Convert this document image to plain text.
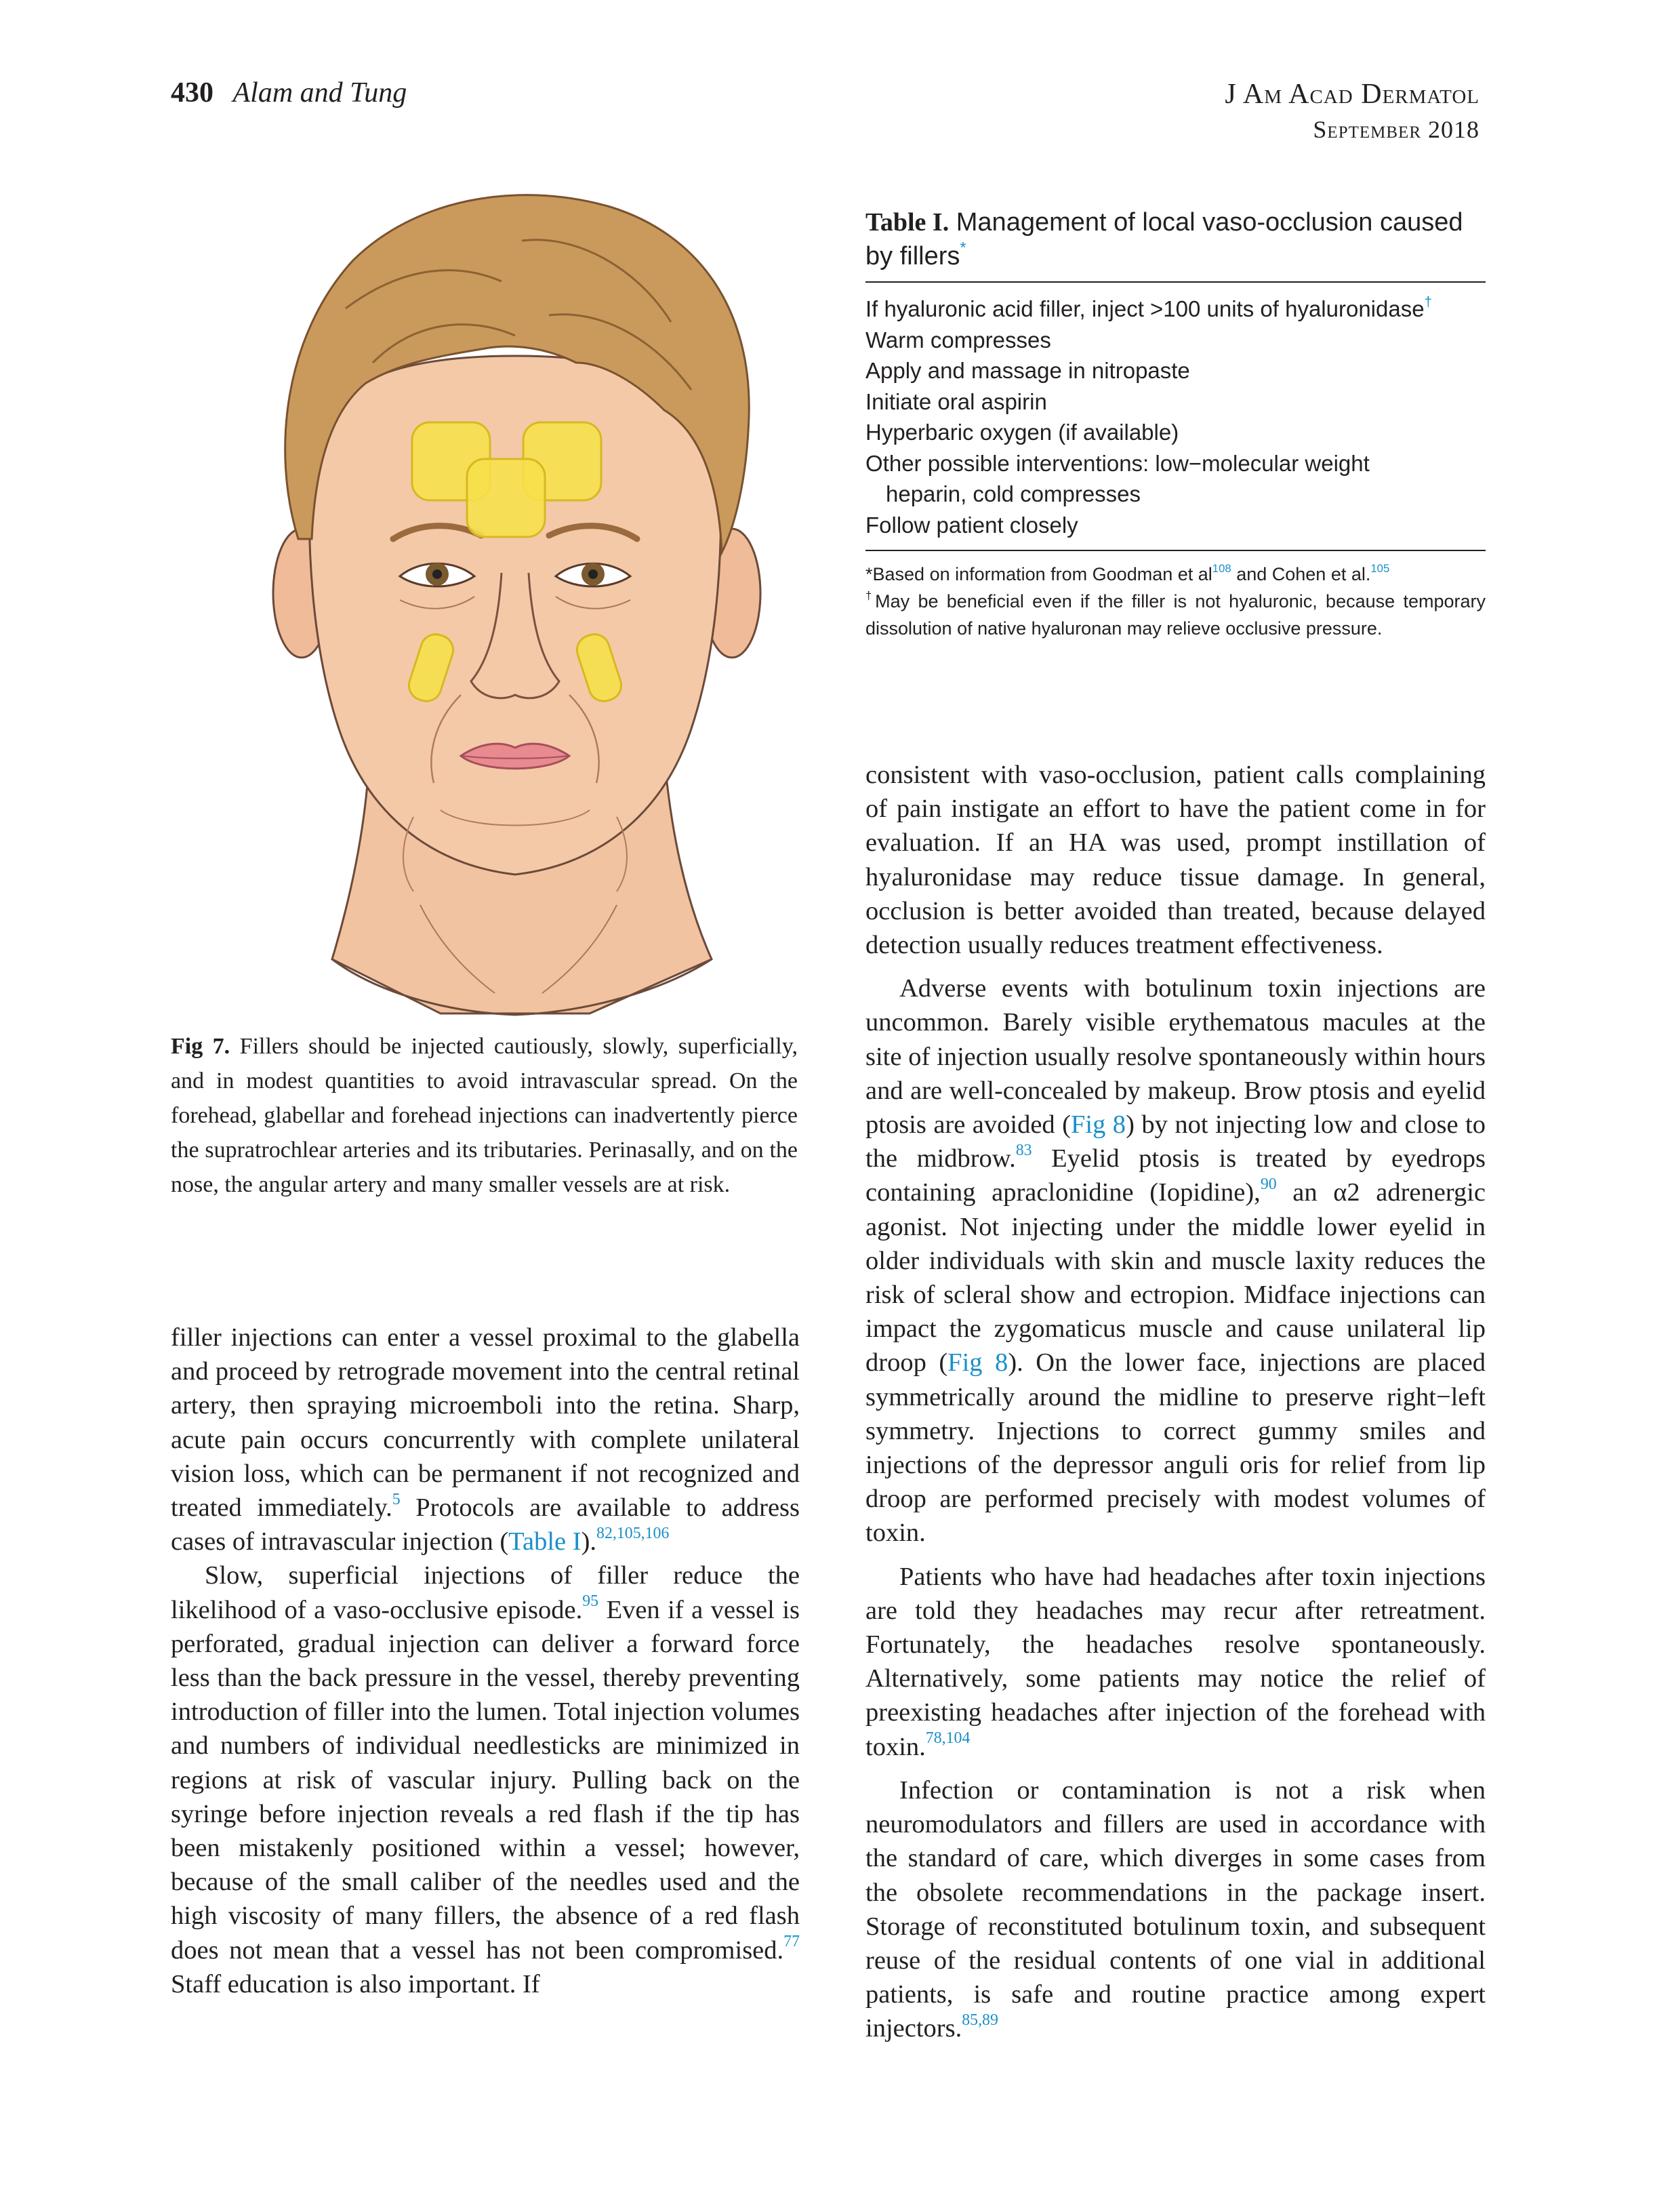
430 Alam and Tung	J Am Acad Dermatol
September 2018
Fig 7. Fillers should be injected cautiously, slowly, superficially, and in modest quantities to avoid intravascular spread. On the forehead, glabellar and forehead injections can inadvertently pierce the supratrochlear arteries and its tributaries. Perinasally, and on the nose, the angular artery and many smaller vessels are at risk.
Table I. Management of local vaso-occlusion caused by fillers*
If hyaluronic acid filler, inject >100 units of hyaluronidase†
Warm compresses
Apply and massage in nitropaste
Initiate oral aspirin
Hyperbaric oxygen (if available)
Other possible interventions: low−molecular weight
heparin, cold compresses
Follow patient closely
*Based on information from Goodman et $al^{108}$ and Cohen et al.$^{105}$
†May be beneficial even if the filler is not hyaluronic, because temporary dissolution of native hyaluronan may relieve occlusive pressure.

filler injections can enter a vessel proximal to the glabella and proceed by retrograde movement into the central retinal artery, then spraying microemboli into the retina. Sharp, acute pain occurs concurrently with complete unilateral vision loss, which can be permanent if not recognized and treated immediately.$^5$ Protocols are available to address cases of intravascular injection (Table I).$^{82,105,106}$

Slow, superficial injections of filler reduce the likelihood of a vaso-occlusive episode.$^{95}$ Even if a vessel is perforated, gradual injection can deliver a forward force less than the back pressure in the vessel, thereby preventing introduction of filler into the lumen. Total injection volumes and numbers of individual needlesticks are minimized in regions at risk of vascular injury. Pulling back on the syringe before injection reveals a red flash if the tip has been mistakenly positioned within a vessel; however, because of the small caliber of the needles used and the high viscosity of many fillers, the absence of a red flash does not mean that a vessel has not been compromised.$^{77}$ Staff education is also important. If

consistent with vaso-occlusion, patient calls complaining of pain instigate an effort to have the patient come in for evaluation. If an HA was used, prompt instillation of hyaluronidase may reduce tissue damage. In general, occlusion is better avoided than treated, because delayed detection usually reduces treatment effectiveness.

Adverse events with botulinum toxin injections are uncommon. Barely visible erythematous macules at the site of injection usually resolve spontaneously within hours and are well-concealed by makeup. Brow ptosis and eyelid ptosis are avoided (Fig 8) by not injecting low and close to the midbrow.$^{83}$ Eyelid ptosis is treated by eyedrops containing apraclonidine (Iopidine),$^{90}$ an α2 adrenergic agonist. Not injecting under the middle lower eyelid in older individuals with skin and muscle laxity reduces the risk of scleral show and ectropion. Midface injections can impact the zygomaticus muscle and cause unilateral lip droop (Fig 8). On the lower face, injections are placed symmetrically around the midline to preserve right−left symmetry. Injections to correct gummy smiles and injections of the depressor anguli oris for relief from lip droop are performed precisely with modest volumes of toxin.

Patients who have had headaches after toxin injections are told they headaches may recur after retreatment. Fortunately, the headaches resolve spontaneously. Alternatively, some patients may notice the relief of preexisting headaches after injection of the forehead with toxin.$^{78,104}$

Infection or contamination is not a risk when neuromodulators and fillers are used in accordance with the standard of care, which diverges in some cases from the obsolete recommendations in the package insert. Storage of reconstituted botulinum toxin, and subsequent reuse of the residual contents of one vial in additional patients, is safe and routine practice among expert injectors.$^{85,89}$
